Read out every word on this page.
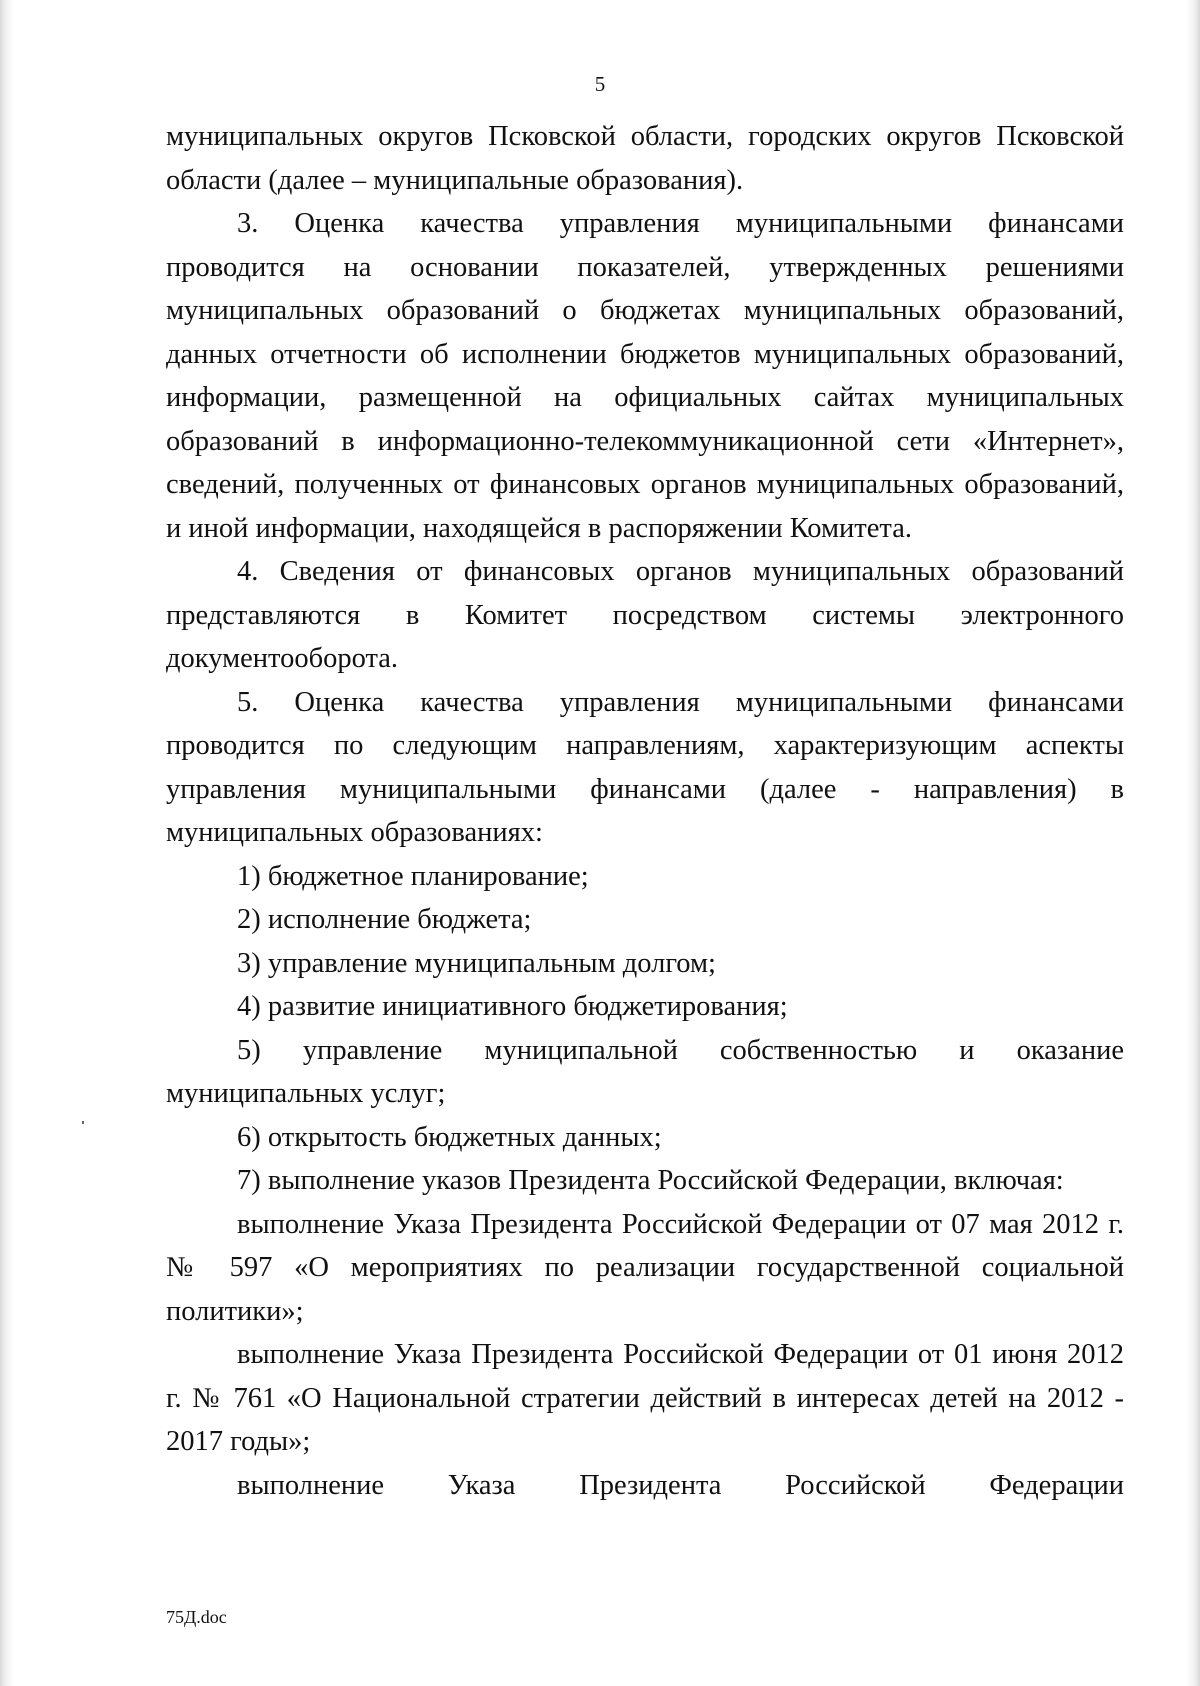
5

муниципальных округов Псковской области, городских округов Псковской области (далее – муниципальные образования).

3. Оценка качества управления муниципальными финансами проводится на основании показателей, утвержденных решениями муниципальных образований о бюджетах муниципальных образований, данных отчетности об исполнении бюджетов муниципальных образований, информации, размещенной на официальных сайтах муниципальных образований в информационно-телекоммуникационной сети «Интернет», сведений, полученных от финансовых органов муниципальных образований, и иной информации, находящейся в распоряжении Комитета.

4. Сведения от финансовых органов муниципальных образований представляются в Комитет посредством системы электронного документооборота.

5. Оценка качества управления муниципальными финансами проводится по следующим направлениям, характеризующим аспекты управления муниципальными финансами (далее - направления) в муниципальных образованиях:

1) бюджетное планирование;

2) исполнение бюджета;

3) управление муниципальным долгом;

4) развитие инициативного бюджетирования;

5) управление муниципальной собственностью и оказание муниципальных услуг;

6) открытость бюджетных данных;

7) выполнение указов Президента Российской Федерации, включая:

выполнение Указа Президента Российской Федерации от 07 мая 2012 г. № 597 «О мероприятиях по реализации государственной социальной политики»;

выполнение Указа Президента Российской Федерации от 01 июня 2012 г. № 761 «О Национальной стратегии действий в интересах детей на 2012 - 2017 годы»;

выполнение Указа Президента Российской Федерации

75Д.doc
